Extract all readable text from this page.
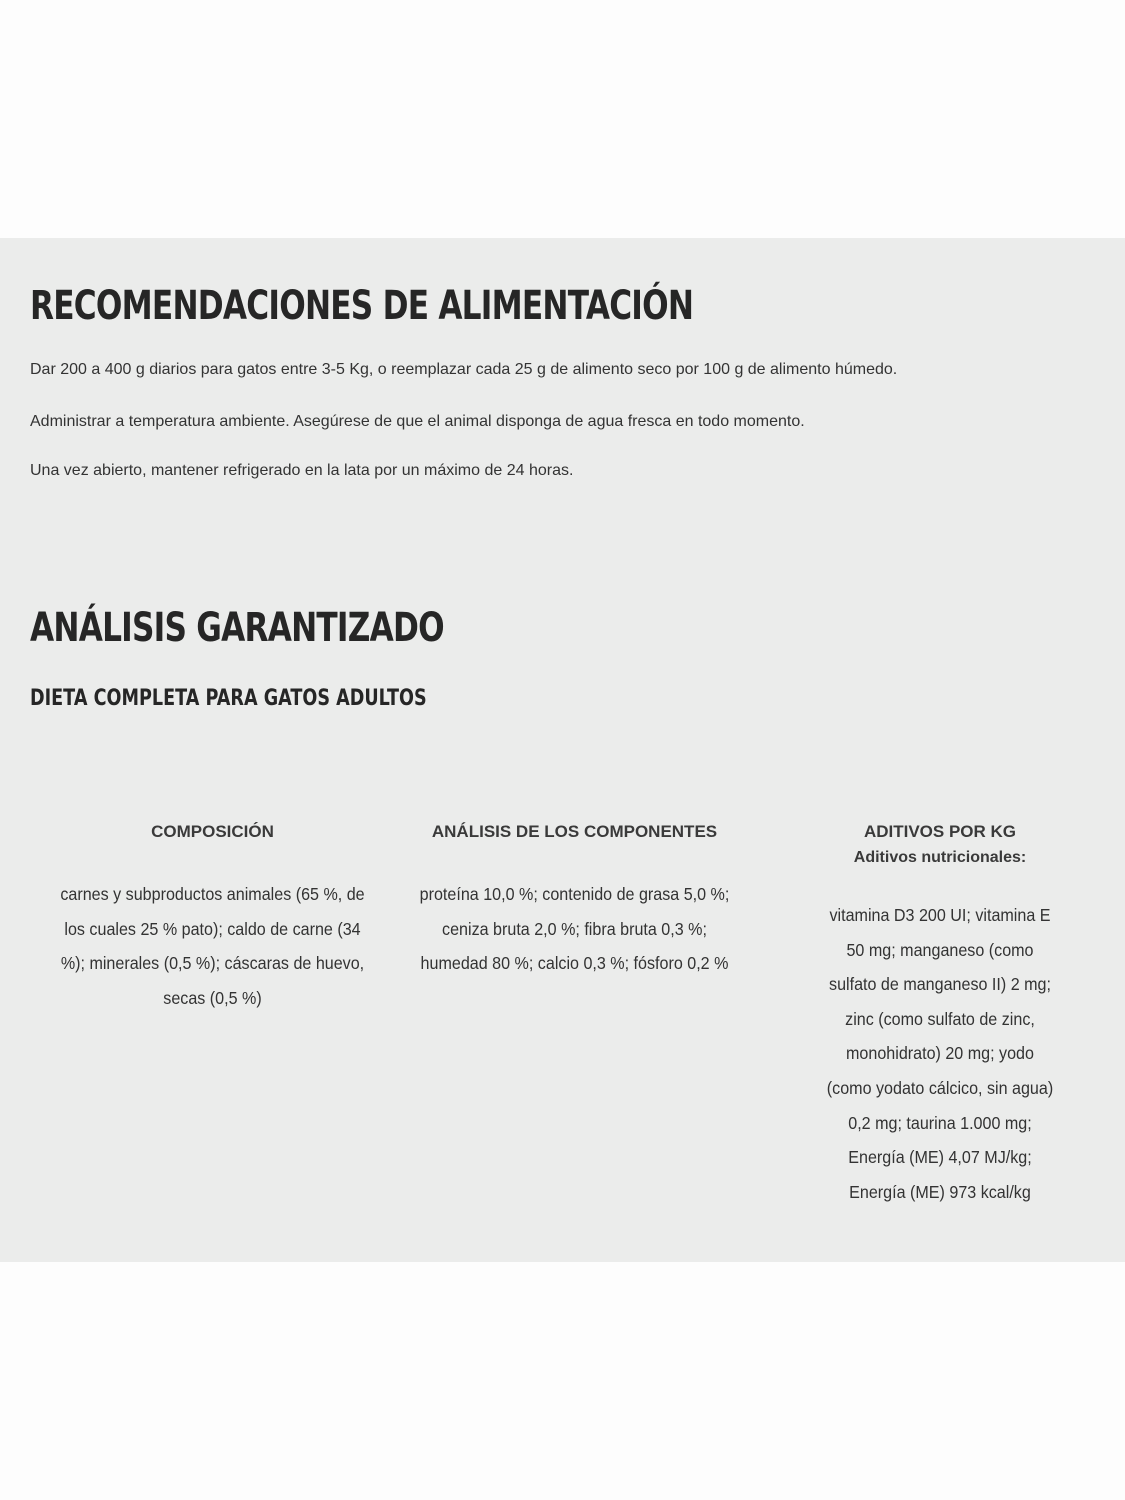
RECOMENDACIONES DE ALIMENTACIÓN

Dar 200 a 400 g diarios para gatos entre 3-5 Kg, o reemplazar cada 25 g de alimento seco por 100 g de alimento húmedo.

Administrar a temperatura ambiente. Asegúrese de que el animal disponga de agua fresca en todo momento.

Una vez abierto, mantener refrigerado en la lata por un máximo de 24 horas.

ANÁLISIS GARANTIZADO
DIETA COMPLETA PARA GATOS ADULTOS

COMPOSICIÓN

carnes y subproductos animales (65 %, de los cuales 25 % pato); caldo de carne (34 %); minerales (0,5 %); cáscaras de huevo, secas (0,5 %)

ANÁLISIS DE LOS COMPONENTES

proteína 10,0 %; contenido de grasa 5,0 %; ceniza bruta 2,0 %; fibra bruta 0,3 %; humedad 80 %; calcio 0,3 %; fósforo 0,2 %

ADITIVOS POR KG

Aditivos nutricionales:

vitamina D3 200 UI; vitamina E 50 mg; manganeso (como sulfato de manganeso II) 2 mg; zinc (como sulfato de zinc, monohidrato) 20 mg; yodo (como yodato cálcico, sin agua) 0,2 mg; taurina 1.000 mg; Energía (ME) 4,07 MJ/kg; Energía (ME) 973 kcal/kg
